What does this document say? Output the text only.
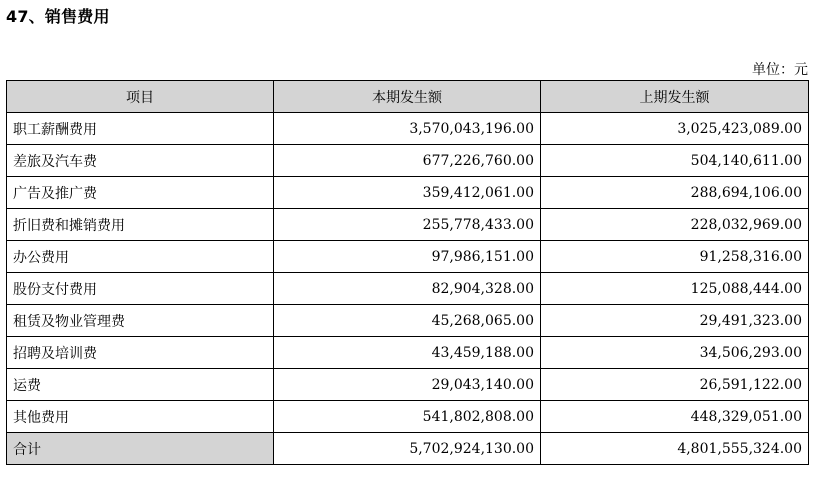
47、销售费用
单位：元
项目	本期发生额	上期发生额
职工薪酬费用	3,570,043,196.00	3,025,423,089.00
差旅及汽车费	677,226,760.00	504,140,611.00
广告及推广费	359,412,061.00	288,694,106.00
折旧费和摊销费用	255,778,433.00	228,032,969.00
办公费用	97,986,151.00	91,258,316.00
股份支付费用	82,904,328.00	125,088,444.00
租赁及物业管理费	45,268,065.00	29,491,323.00
招聘及培训费	43,459,188.00	34,506,293.00
运费	29,043,140.00	26,591,122.00
其他费用	541,802,808.00	448,329,051.00
合计	5,702,924,130.00	4,801,555,324.00
